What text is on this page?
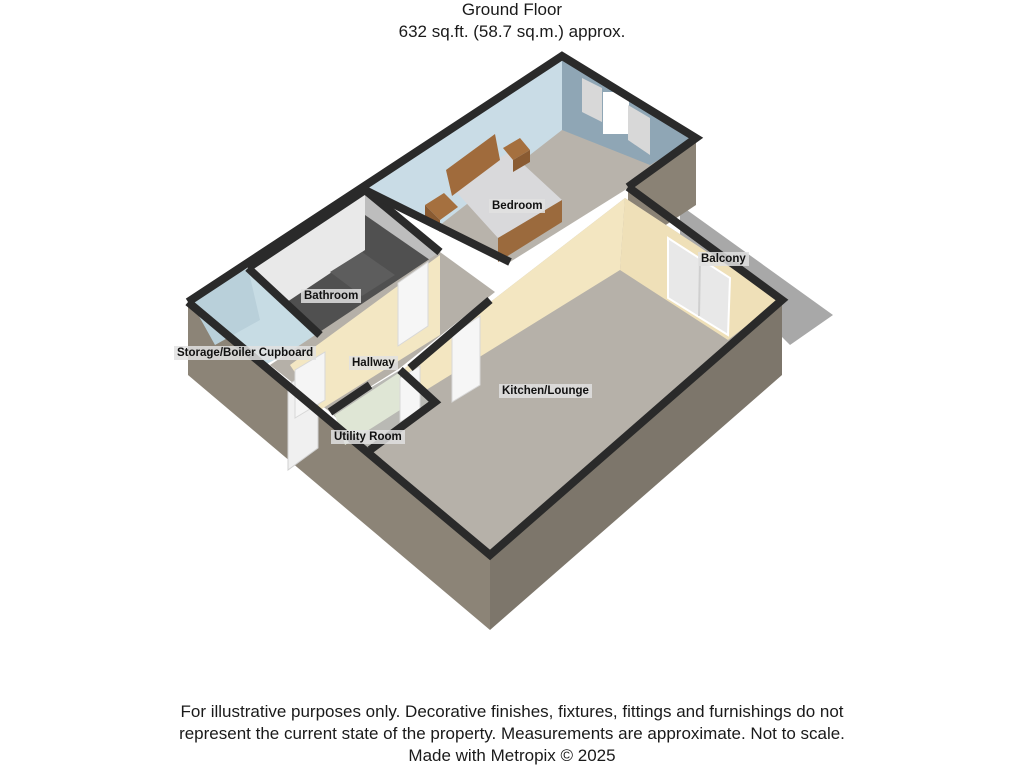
Ground Floor
632 sq.ft. (58.7 sq.m.) approx.
Bedroom
Bathroom
Storage/Boiler Cupboard
Hallway
Utility Room
Kitchen/Lounge
Balcony
For illustrative purposes only. Decorative finishes, fixtures, fittings and furnishings do not
represent the current state of the property. Measurements are approximate. Not to scale.
Made with Metropix © 2025
